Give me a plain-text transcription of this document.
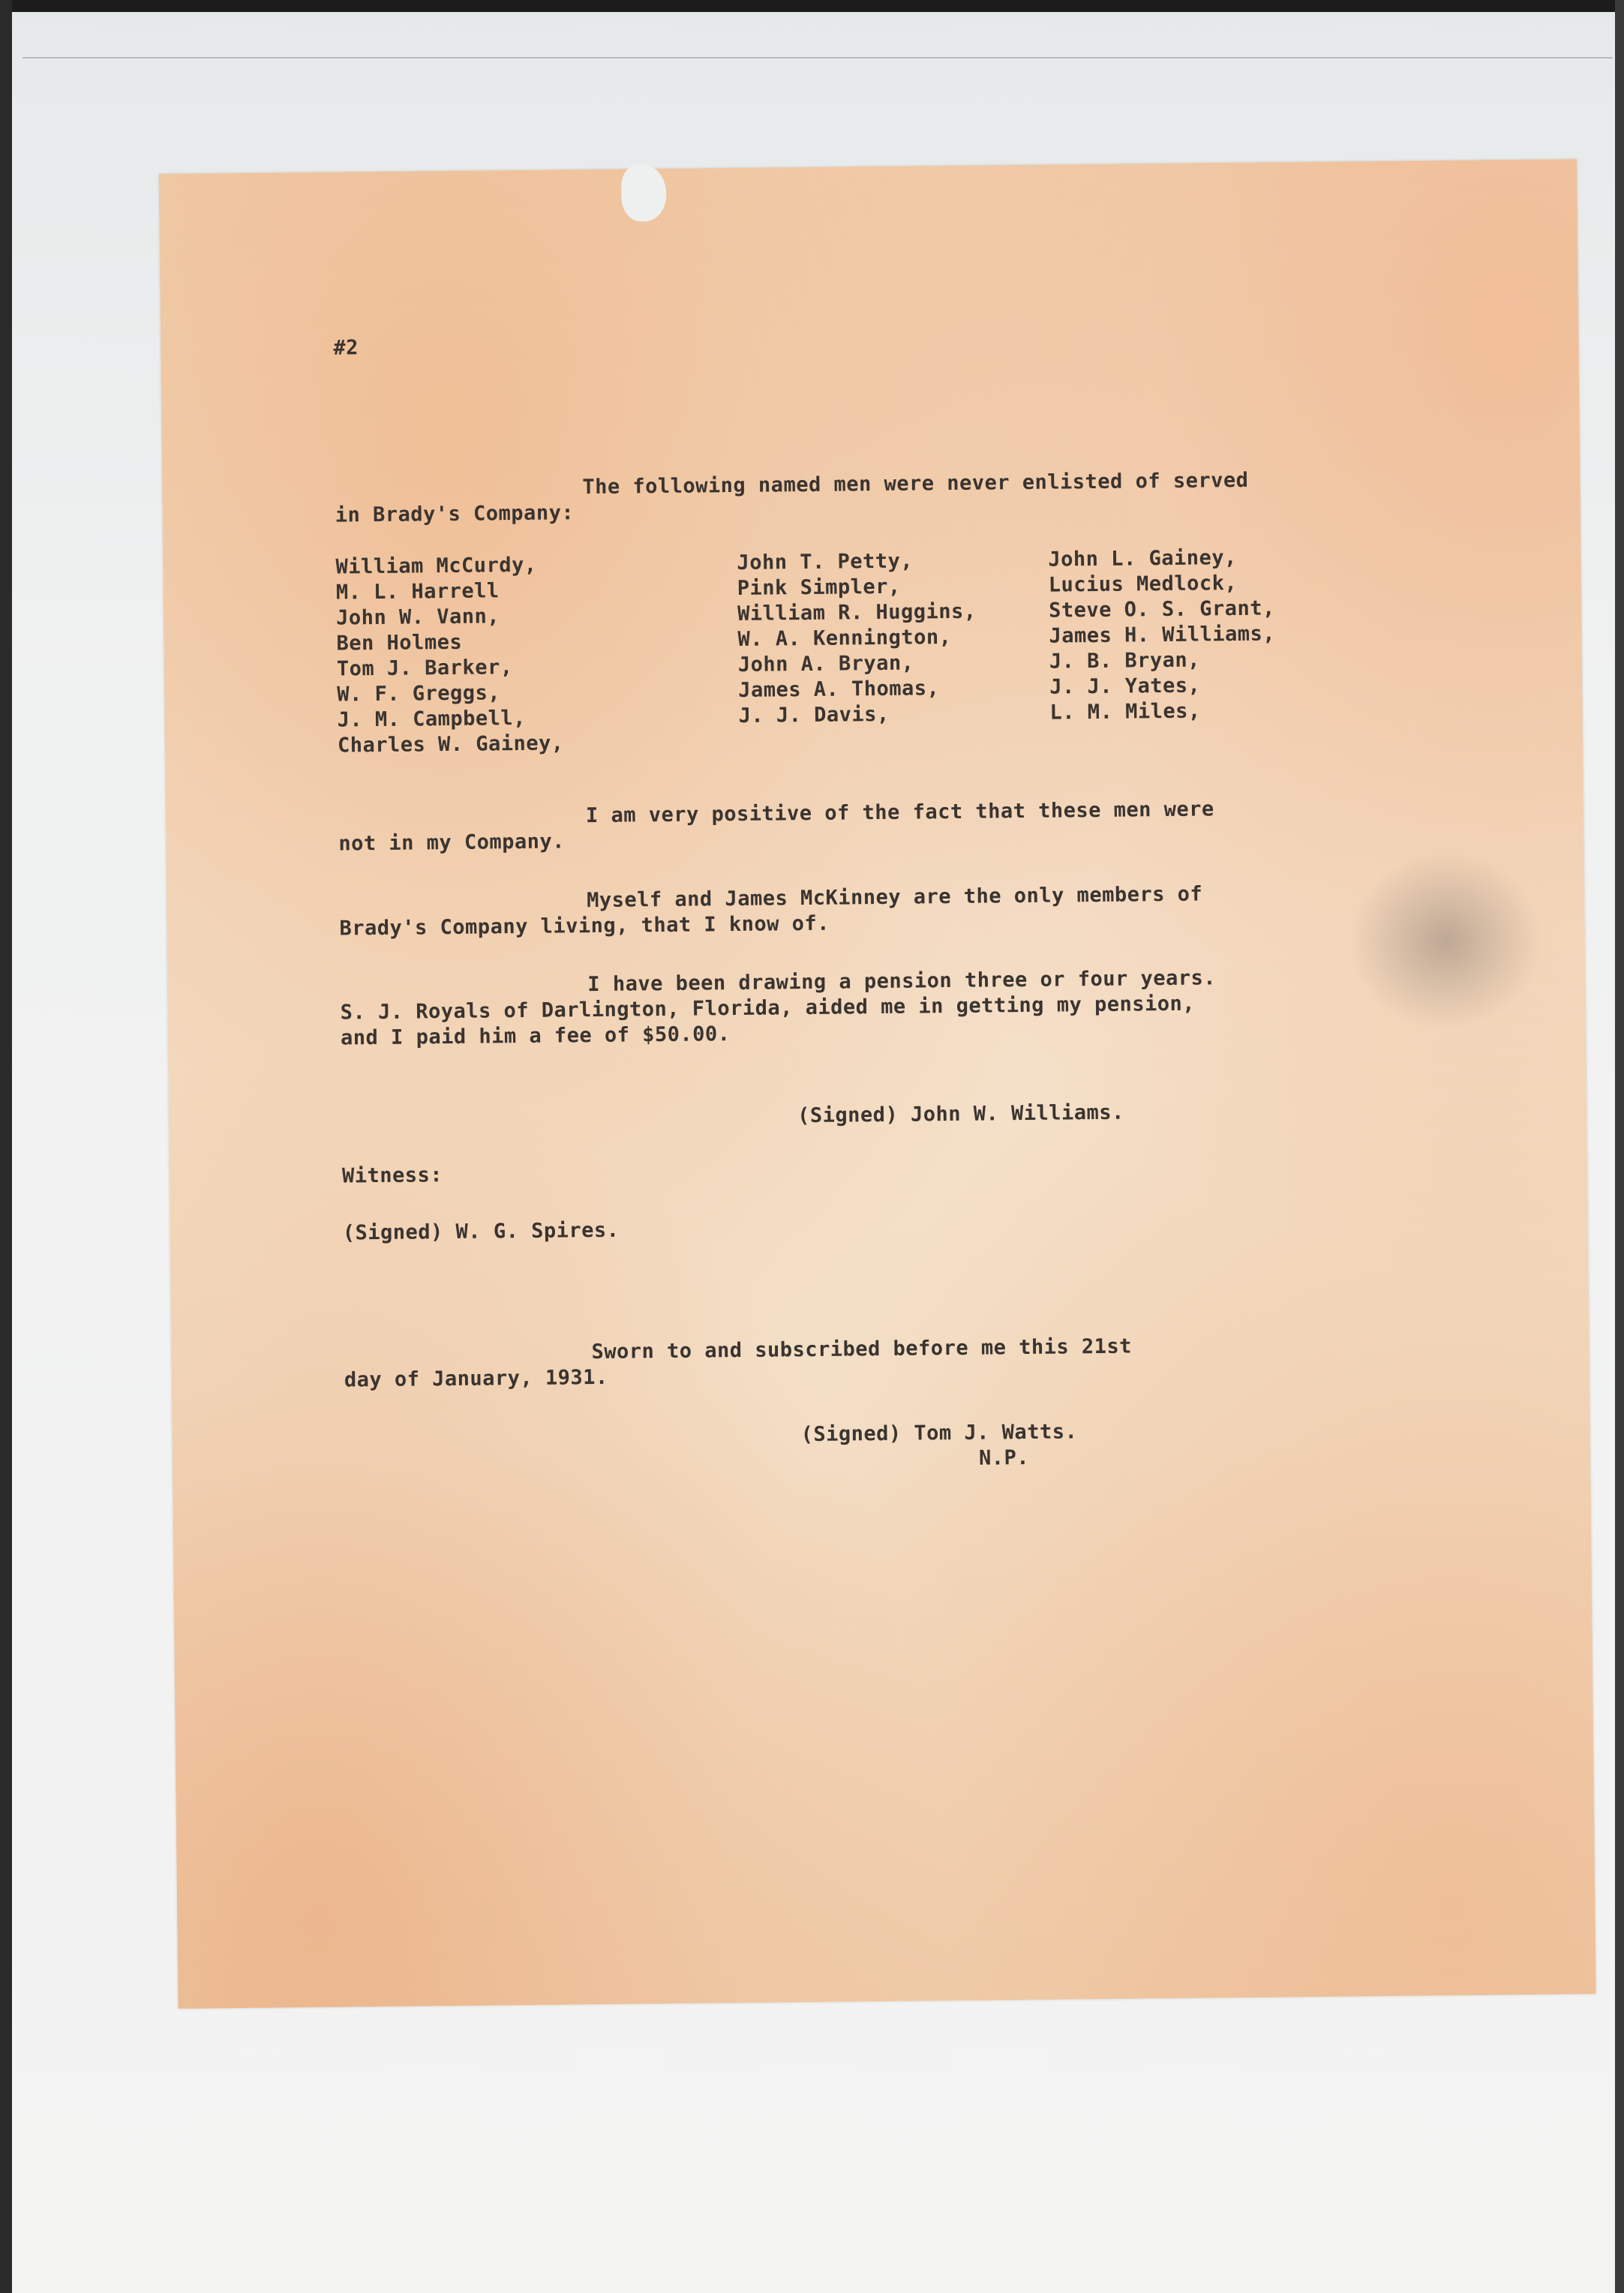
#2
The following named men were never enlisted of served
in Brady's Company:
William McCurdy,
M. L. Harrell
John W. Vann,
Ben Holmes
Tom J. Barker,
W. F. Greggs,
J. M. Campbell,
Charles W. Gainey,
John T. Petty,
Pink Simpler,
William R. Huggins,
W. A. Kennington,
John A. Bryan,
James A. Thomas,
J. J. Davis,
John L. Gainey,
Lucius Medlock,
Steve O. S. Grant,
James H. Williams,
J. B. Bryan,
J. J. Yates,
L. M. Miles,
I am very positive of the fact that these men were
not in my Company.
Myself and James McKinney are the only members of
Brady's Company living, that I know of.
I have been drawing a pension three or four years.
S. J. Royals of Darlington, Florida, aided me in getting my pension,
and I paid him a fee of $50.00.
(Signed) John W. Williams.
Witness:
(Signed) W. G. Spires.
Sworn to and subscribed before me this 21st
day of January, 1931.
(Signed) Tom J. Watts.
N.P.
